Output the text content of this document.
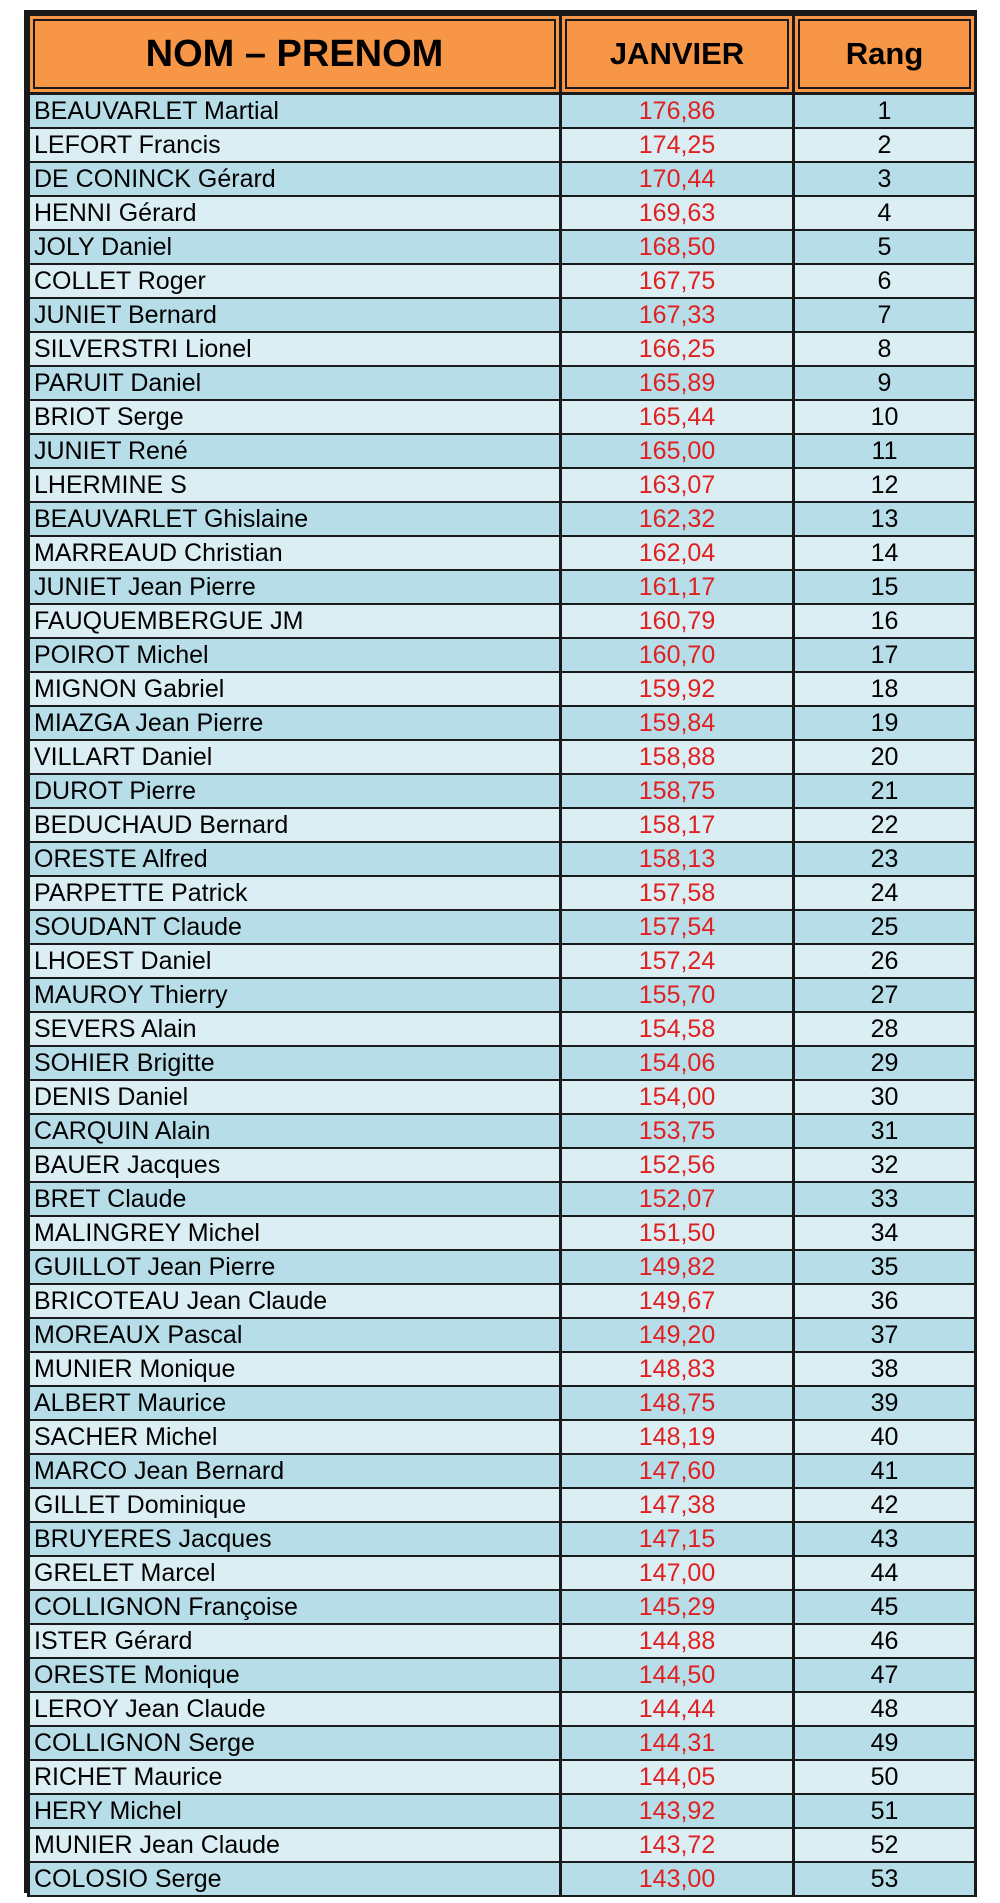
NOM – PRENOM	JANVIER	Rang
BEAUVARLET Martial	176,86	1
LEFORT Francis	174,25	2
DE CONINCK Gérard	170,44	3
HENNI Gérard	169,63	4
JOLY Daniel	168,50	5
COLLET Roger	167,75	6
JUNIET Bernard	167,33	7
SILVERSTRI Lionel	166,25	8
PARUIT Daniel	165,89	9
BRIOT Serge	165,44	10
JUNIET René	165,00	11
LHERMINE S	163,07	12
BEAUVARLET Ghislaine	162,32	13
MARREAUD Christian	162,04	14
JUNIET Jean Pierre	161,17	15
FAUQUEMBERGUE JM	160,79	16
POIROT Michel	160,70	17
MIGNON Gabriel	159,92	18
MIAZGA Jean Pierre	159,84	19
VILLART Daniel	158,88	20
DUROT Pierre	158,75	21
BEDUCHAUD Bernard	158,17	22
ORESTE Alfred	158,13	23
PARPETTE Patrick	157,58	24
SOUDANT Claude	157,54	25
LHOEST Daniel	157,24	26
MAUROY Thierry	155,70	27
SEVERS Alain	154,58	28
SOHIER Brigitte	154,06	29
DENIS Daniel	154,00	30
CARQUIN Alain	153,75	31
BAUER Jacques	152,56	32
BRET Claude	152,07	33
MALINGREY Michel	151,50	34
GUILLOT Jean Pierre	149,82	35
BRICOTEAU Jean Claude	149,67	36
MOREAUX Pascal	149,20	37
MUNIER Monique	148,83	38
ALBERT Maurice	148,75	39
SACHER Michel	148,19	40
MARCO Jean Bernard	147,60	41
GILLET Dominique	147,38	42
BRUYERES Jacques	147,15	43
GRELET Marcel	147,00	44
COLLIGNON Françoise	145,29	45
ISTER Gérard	144,88	46
ORESTE Monique	144,50	47
LEROY Jean Claude	144,44	48
COLLIGNON Serge	144,31	49
RICHET Maurice	144,05	50
HERY Michel	143,92	51
MUNIER Jean Claude	143,72	52
COLOSIO Serge	143,00	53
